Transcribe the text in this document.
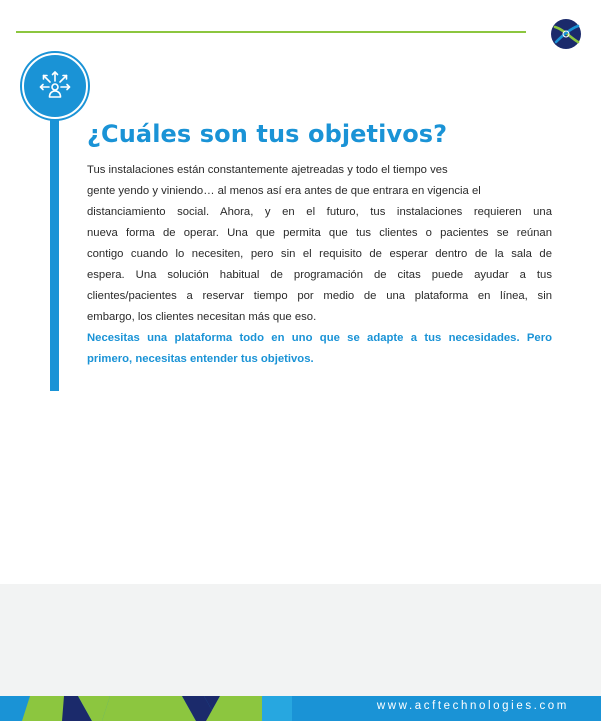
¿Cuáles son tus objetivos?
Tus instalaciones están constantemente ajetreadas y todo el tiempo ves
gente yendo y viniendo… al menos así era antes de que entrara en vigencia el
distanciamiento social. Ahora, y en el futuro, tus instalaciones requieren una
nueva forma de operar. Una que permita que tus clientes o pacientes se reúnan
contigo cuando lo necesiten, pero sin el requisito de esperar dentro de la sala de
espera. Una solución habitual de programación de citas puede ayudar a tus
clientes/pacientes a reservar tiempo por medio de una plataforma en línea, sin
embargo, los clientes necesitan más que eso.
Necesitas una plataforma todo en uno que se adapte a tus necesidades. Pero
primero, necesitas entender tus objetivos.
www.acftechnologies.com
